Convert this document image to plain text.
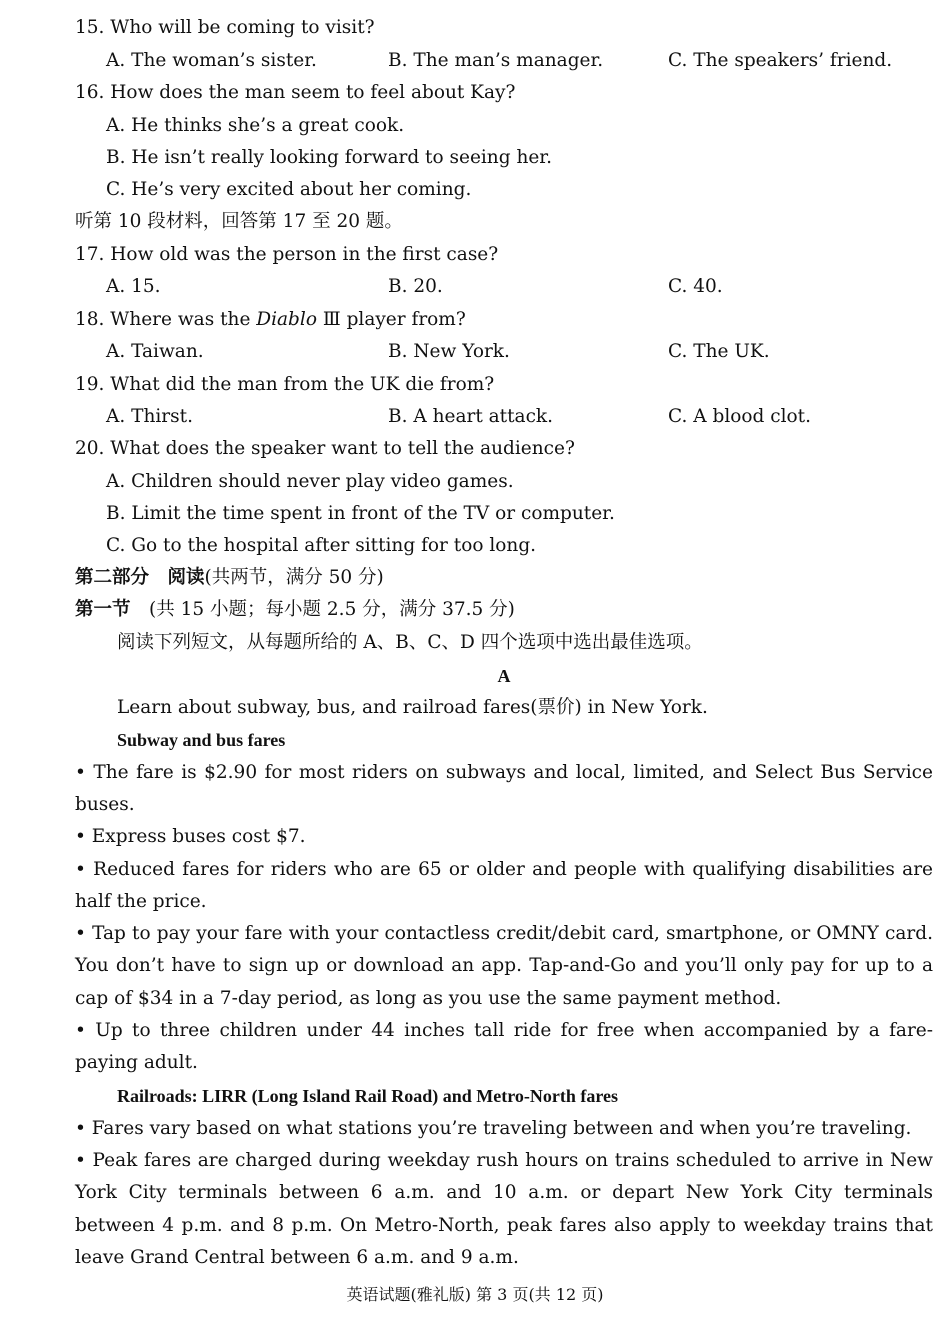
15. Who will be coming to visit?
A. The woman’s sister.	B. The man’s manager.	C. The speakers’ friend.
16. How does the man seem to feel about Kay?
A. He thinks she’s a great cook.
B. He isn’t really looking forward to seeing her.
C. He’s very excited about her coming.
听第 10 段材料，回答第 17 至 20 题。
17. How old was the person in the first case?
A. 15.	B. 20.	C. 40.
18. Where was the Diablo Ⅲ player from?
A. Taiwan.	B. New York.	C. The UK.
19. What did the man from the UK die from?
A. Thirst.	B. A heart attack.	C. A blood clot.
20. What does the speaker want to tell the audience?
A. Children should never play video games.
B. Limit the time spent in front of the TV or computer.
C. Go to the hospital after sitting for too long.
第二部分　阅读(共两节，满分 50 分)
第一节　(共 15 小题；每小题 2.5 分，满分 37.5 分)
阅读下列短文，从每题所给的 A、B、C、D 四个选项中选出最佳选项。
A
Learn about subway, bus, and railroad fares(票价) in New York.
Subway and bus fares
• The fare is $2.90 for most riders on subways and local, limited, and Select Bus Service buses.
• Express buses cost $7.
• Reduced fares for riders who are 65 or older and people with qualifying disabilities are half the price.
• Tap to pay your fare with your contactless credit/debit card, smartphone, or OMNY card. You don’t have to sign up or download an app. Tap-and-Go and you’ll only pay for up to a cap of $34 in a 7-day period, as long as you use the same payment method.
• Up to three children under 44 inches tall ride for free when accompanied by a fare-paying adult.
Railroads: LIRR (Long Island Rail Road) and Metro-North fares
• Fares vary based on what stations you’re traveling between and when you’re traveling.
• Peak fares are charged during weekday rush hours on trains scheduled to arrive in New York City terminals between 6 a.m. and 10 a.m. or depart New York City terminals between 4 p.m. and 8 p.m. On Metro-North, peak fares also apply to weekday trains that leave Grand Central between 6 a.m. and 9 a.m.
英语试题(雅礼版) 第 3 页(共 12 页)
